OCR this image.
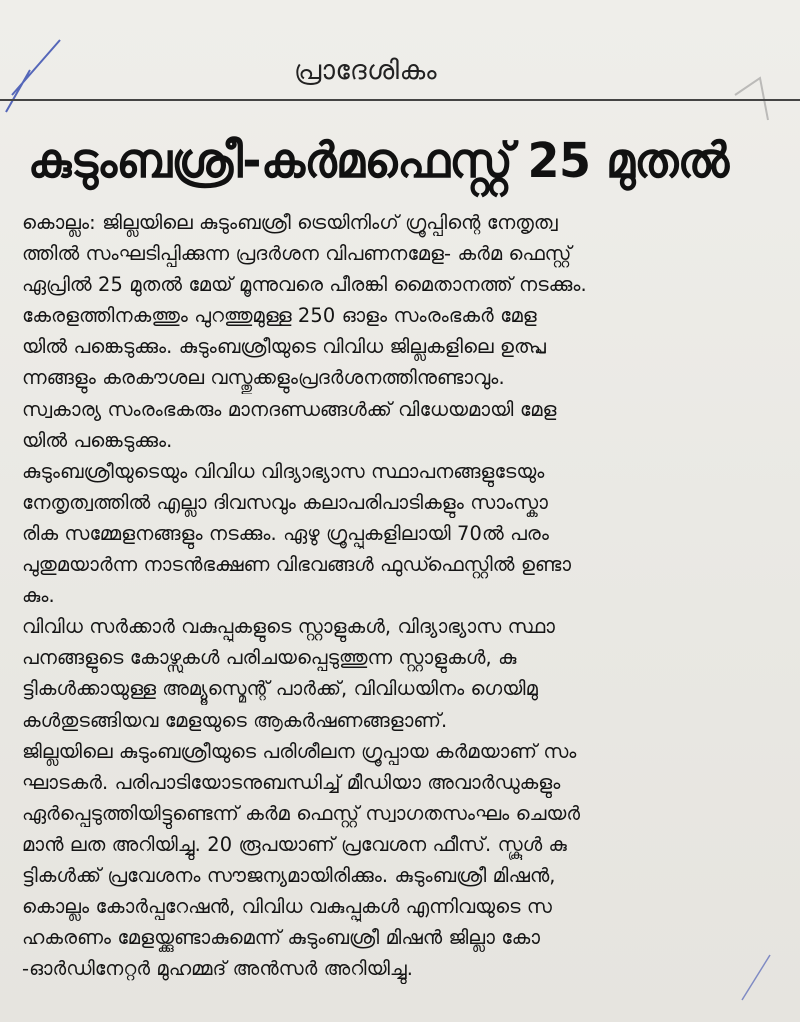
പ്രാദേശികം
കുടുംബശ്രീ-കർമഫെസ്റ്റ് 25 മുതൽ
കൊല്ലം: ജില്ലയിലെ കുടുംബശ്രീ ട്രെയിനിംഗ് ഗ്രൂപ്പിന്റെ നേതൃത്വ
ത്തിൽ സംഘടിപ്പിക്കുന്ന പ്രദർശന വിപണനമേള- കർമ ഫെസ്റ്റ്
ഏപ്രിൽ 25 മുതൽ മേയ് മൂന്നുവരെ പീരങ്കി മൈതാനത്ത് നടക്കും.
കേരളത്തിനകത്തും പുറത്തുമുള്ള 250 ഓളം സംരംഭകർ മേള
യിൽ പങ്കെടുക്കും. കുടുംബശ്രീയുടെ വിവിധ ജില്ലകളിലെ ഉത്പ്പ
ന്നങ്ങളും കരകൗശല വസ്തുക്കളുംപ്രദർശനത്തിനുണ്ടാവും.
സ്വകാര്യ സംരംഭകരും മാനദണ്ഡങ്ങൾക്ക് വിധേയമായി മേള
യിൽ പങ്കെടുക്കും.
കുടുംബശ്രീയുടെയും വിവിധ വിദ്യാഭ്യാസ സ്ഥാപനങ്ങളുടേയും
നേതൃത്വത്തിൽ എല്ലാ ദിവസവും കലാപരിപാടികളും സാംസ്കാ
രിക സമ്മേളനങ്ങളും നടക്കും. ഏഴു ഗ്രൂപ്പുകളിലായി 70ൽ പരം
പുതുമയാർന്ന നാടൻഭക്ഷണ വിഭവങ്ങൾ ഫുഡ്ഫെസ്റ്റിൽ ഉണ്ടാ
കും.
വിവിധ സർക്കാർ വകുപ്പുകളുടെ സ്റ്റാളുകൾ, വിദ്യാഭ്യാസ സ്ഥാ
പനങ്ങളുടെ കോഴ്സുകൾ പരിചയപ്പെടുത്തുന്ന സ്റ്റാളുകൾ, കു
ട്ടികൾക്കായുള്ള അമ്യൂസ്മെന്റ് പാർക്ക്, വിവിധയിനം ഗെയിമു
കൾതുടങ്ങിയവ മേളയുടെ ആകർഷണങ്ങളാണ്.
ജില്ലയിലെ കുടുംബശ്രീയുടെ പരിശീലന ഗ്രൂപ്പായ കർമയാണ് സം
ഘാടകർ. പരിപാടിയോടനുബന്ധിച്ച് മീഡിയാ അവാർഡുകളും
ഏർപ്പെടുത്തിയിട്ടുണ്ടെന്ന് കർമ ഫെസ്റ്റ് സ്വാഗതസംഘം ചെയർ
മാൻ ലത അറിയിച്ചു. 20 രൂപയാണ് പ്രവേശന ഫീസ്. സ്കൂൾ കു
ട്ടികൾക്ക് പ്രവേശനം സൗജന്യമായിരിക്കും. കുടുംബശ്രീ മിഷൻ,
കൊല്ലം കോർപ്പറേഷൻ, വിവിധ വകുപ്പുകൾ എന്നിവയുടെ സ
ഹകരണം മേളയ്ക്കുണ്ടാകുമെന്ന് കുടുംബശ്രീ മിഷൻ ജില്ലാ കോ
-ഓർഡിനേറ്റർ മുഹമ്മദ് അൻസർ അറിയിച്ചു.
